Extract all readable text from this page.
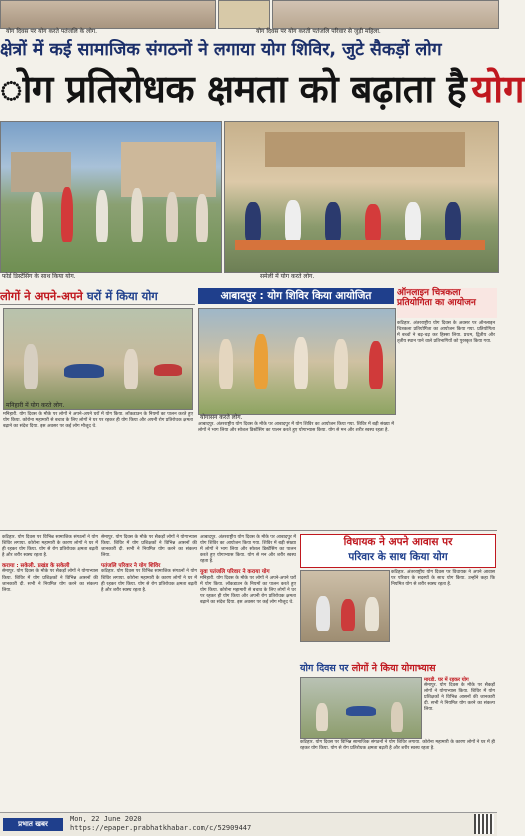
योग दिवस पर योग करते पतंजलि के लोग.	योग दिवस पर योग करती पतंजलि परिवार से जुड़ी महिला.
क्षेत्रों में कई सामाजिक संगठनों ने लगाया योग शिविर, जुटे सैकड़ों लोग
ोग प्रतिरोधक क्षमता को बढ़ाता है योग
फोर्ड डिस्टेंसिंग के साथ किया योग.	समेली में योग करते लोग.
लोगों ने अपने-अपने घरों में किया योग	आबादपुर : योग शिविर किया आयोजित	ऑनलाइन चित्रकला
प्रतियोगिता का आयोजन
मनिहारी में योग करते लोग.
योगासन करते लोग.
कटिहार. अंतरराष्ट्रीय योग दिवस के अवसर पर ऑनलाइन चित्रकला प्रतियोगिता का आयोजन किया गया. प्रतियोगिता में बच्चों ने बढ़-चढ़ कर हिस्सा लिया. प्रथम, द्वितीय और तृतीय स्थान पाने वाले प्रतिभागियों को पुरस्कृत किया गया.
मनिहारी. योग दिवस के मौके पर लोगों ने अपने-अपने घरों में योग किया. लॉकडाउन के नियमों का पालन करते हुए योग किया. कोरोना महामारी से बचाव के लिए लोगों ने घर पर रहकर ही योग किया और अपनी रोग प्रतिरोधक क्षमता बढ़ाने का संदेश दिया. इस अवसर पर कई लोग मौजूद थे.	आबादपुर. अंतरराष्ट्रीय योग दिवस के मौके पर आबादपुर में योग शिविर का आयोजन किया गया. शिविर में बड़ी संख्या में लोगों ने भाग लिया और सोशल डिस्टेंसिंग का पालन करते हुए योगाभ्यास किया. योग से मन और शरीर स्वस्थ रहता है.
कटिहार. योग दिवस पर विभिन्न सामाजिक संगठनों ने योग शिविर लगाया. कोरोना महामारी के कारण लोगों ने घर में ही रहकर योग किया. योग से रोग प्रतिरोधक क्षमता बढ़ती है और शरीर स्वस्थ रहता है.
कराया : सकेली. प्रखंड के सकेली
सेमापुर. योग दिवस के मौके पर सैकड़ों लोगों ने योगाभ्यास किया. शिविर में योग प्रशिक्षकों ने विभिन्न आसनों की जानकारी दी. सभी ने नियमित योग करने का संकल्प लिया.
सेमापुर. योग दिवस के मौके पर सैकड़ों लोगों ने योगाभ्यास किया. शिविर में योग प्रशिक्षकों ने विभिन्न आसनों की जानकारी दी. सभी ने नियमित योग करने का संकल्प लिया.
पतंजलि परिवार ने योग शिविर
कटिहार. योग दिवस पर विभिन्न सामाजिक संगठनों ने योग शिविर लगाया. कोरोना महामारी के कारण लोगों ने घर में ही रहकर योग किया. योग से रोग प्रतिरोधक क्षमता बढ़ती है और शरीर स्वस्थ रहता है.
आबादपुर. अंतरराष्ट्रीय योग दिवस के मौके पर आबादपुर में योग शिविर का आयोजन किया गया. शिविर में बड़ी संख्या में लोगों ने भाग लिया और सोशल डिस्टेंसिंग का पालन करते हुए योगाभ्यास किया. योग से मन और शरीर स्वस्थ रहता है.
युवा पतंजलि परिवार ने कराया योग
मनिहारी. योग दिवस के मौके पर लोगों ने अपने-अपने घरों में योग किया. लॉकडाउन के नियमों का पालन करते हुए योग किया. कोरोना महामारी से बचाव के लिए लोगों ने घर पर रहकर ही योग किया और अपनी रोग प्रतिरोधक क्षमता बढ़ाने का संदेश दिया. इस अवसर पर कई लोग मौजूद थे.
विधायक ने अपने आवास पर
परिवार के साथ किया योग
कटिहार. अंतरराष्ट्रीय योग दिवस पर विधायक ने अपने आवास पर परिवार के सदस्यों के साथ योग किया. उन्होंने कहा कि नियमित योग से शरीर स्वस्थ रहता है.
योग दिवस पर लोगों ने किया योगाभ्यास
मारडी. घर में रहकर योग
सेमापुर. योग दिवस के मौके पर सैकड़ों लोगों ने योगाभ्यास किया. शिविर में योग प्रशिक्षकों ने विभिन्न आसनों की जानकारी दी. सभी ने नियमित योग करने का संकल्प लिया.
कटिहार. योग दिवस पर विभिन्न सामाजिक संगठनों ने योग शिविर लगाया. कोरोना महामारी के कारण लोगों ने घर में ही रहकर योग किया. योग से रोग प्रतिरोधक क्षमता बढ़ती है और शरीर स्वस्थ रहता है.
प्रभात खबर
Mon, 22 June 2020
https://epaper.prabhatkhabar.com/c/52909447
